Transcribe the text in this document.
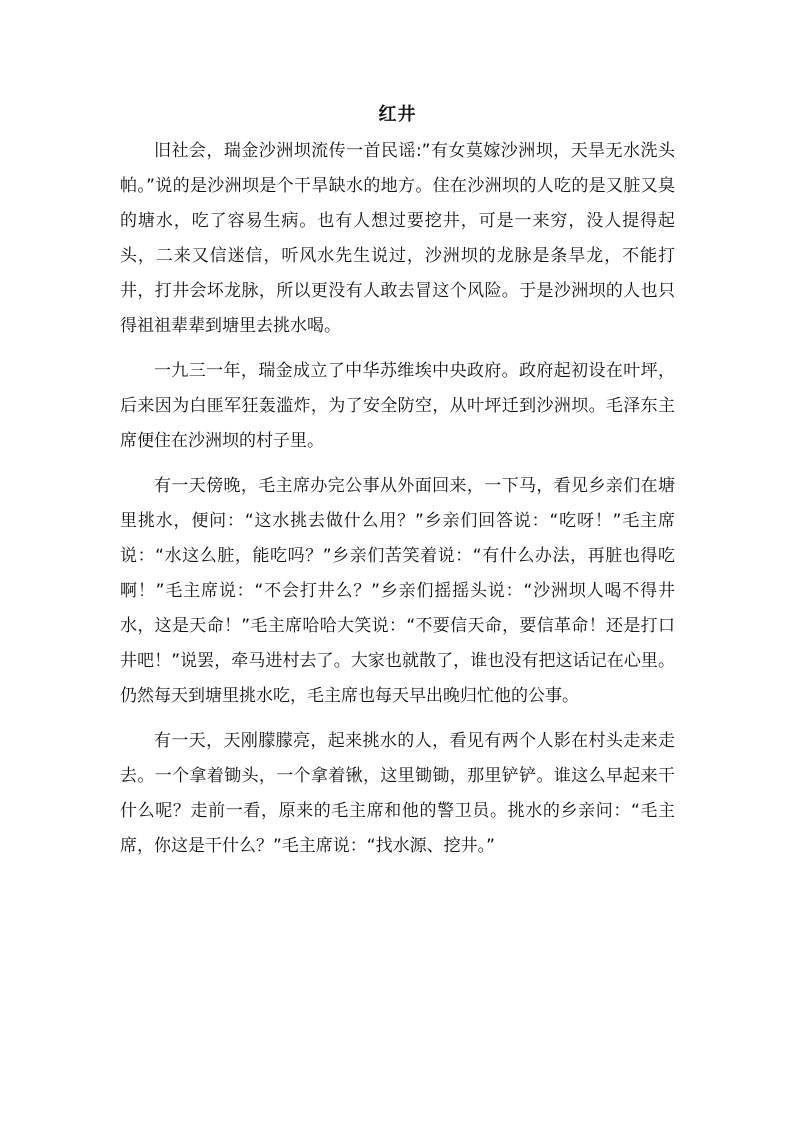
红井

旧社会，瑞金沙洲坝流传一首民谣:”有女莫嫁沙洲坝，天旱无水洗头帕。”说的是沙洲坝是个干旱缺水的地方。住在沙洲坝的人吃的是又脏又臭的塘水，吃了容易生病。也有人想过要挖井，可是一来穷，没人提得起头，二来又信迷信，听风水先生说过，沙洲坝的龙脉是条旱龙，不能打井，打井会坏龙脉，所以更没有人敢去冒这个风险。于是沙洲坝的人也只得祖祖辈辈到塘里去挑水喝。

一九三一年，瑞金成立了中华苏维埃中央政府。政府起初设在叶坪，后来因为白匪军狂轰滥炸，为了安全防空，从叶坪迁到沙洲坝。毛泽东主席便住在沙洲坝的村子里。

有一天傍晚，毛主席办完公事从外面回来，一下马，看见乡亲们在塘里挑水，便问：“这水挑去做什么用？”乡亲们回答说：“吃呀！”毛主席说：“水这么脏，能吃吗？”乡亲们苦笑着说：“有什么办法，再脏也得吃啊！”毛主席说：“不会打井么？”乡亲们摇摇头说：“沙洲坝人喝不得井水，这是天命！”毛主席哈哈大笑说：“不要信天命，要信革命！还是打口井吧！”说罢，牵马进村去了。大家也就散了，谁也没有把这话记在心里。仍然每天到塘里挑水吃，毛主席也每天早出晚归忙他的公事。

有一天，天刚朦朦亮，起来挑水的人，看见有两个人影在村头走来走去。一个拿着锄头，一个拿着锹，这里锄锄，那里铲铲。谁这么早起来干什么呢？走前一看，原来的毛主席和他的警卫员。挑水的乡亲问：“毛主席，你这是干什么？”毛主席说：“找水源、挖井。”
